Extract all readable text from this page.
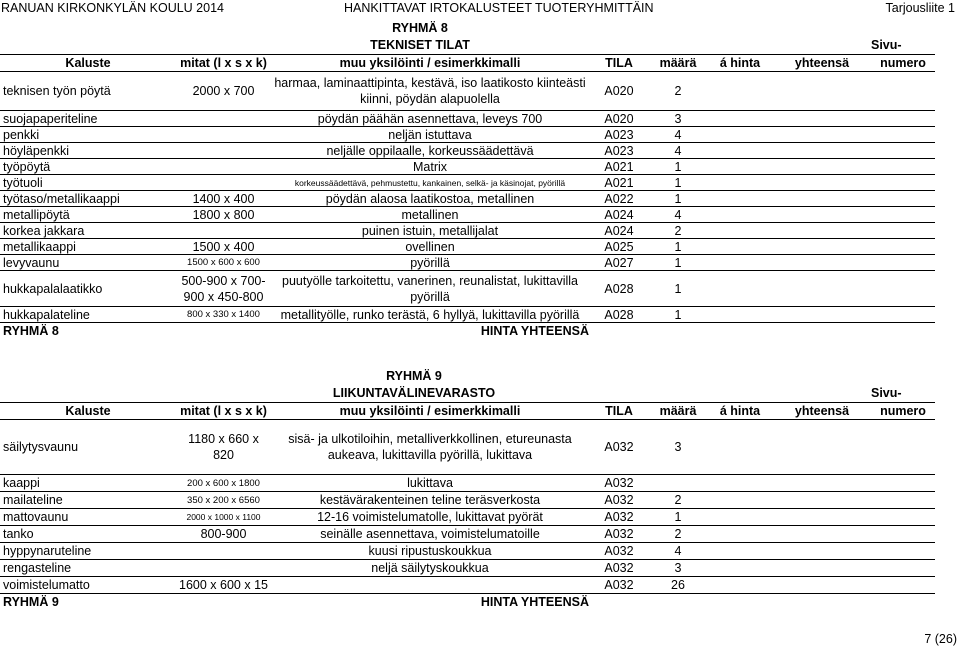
RANUAN KIRKONKYLÄN KOULU 2014	HANKITTAVAT IRTOKALUSTEET TUOTERYHMITTÄIN	Tarjousliite 1
RYHMÄ 8
TEKNISET TILAT
Kaluste	mitat (l x s x k)	muu yksilöinti / esimerkkimalli	TILA	määrä	á hinta	yhteensä	Sivu-
numero
teknisen työn pöytä	2000 x 700	harmaa, laminaattipinta, kestävä, iso laatikosto kiinteästi kiinni, pöydän alapuolella	A020	2			
suojapaperiteline		pöydän päähän asennettava, leveys 700	A020	3			
penkki		neljän istuttava	A023	4			
höyläpenkki		neljälle oppilaalle, korkeussäädettävä	A023	4			
työpöytä		Matrix	A021	1			
työtuoli		korkeussäädettävä, pehmustettu, kankainen, selkä- ja käsinojat, pyörillä	A021	1			
työtaso/metallikaappi	1400 x 400	pöydän alaosa laatikostoa, metallinen	A022	1			
metallipöytä	1800 x 800	metallinen	A024	4			
korkea jakkara		puinen istuin, metallijalat	A024	2			
metallikaappi	1500 x 400	ovellinen	A025	1			
levyvaunu	1500 x 600 x 600	pyörillä	A027	1			
hukkapalalaatikko	500-900 x 700- 900 x 450-800	puutyölle tarkoitettu, vanerinen, reunalistat, lukittavilla pyörillä	A028	1			
hukkapalateline	800 x 330 x 1400	metallityölle, runko terästä, 6 hyllyä, lukittavilla pyörillä	A028	1			
RYHMÄ 8		HINTA YHTEENSÄ					
RYHMÄ 9
LIIKUNTAVÄLINEVARASTO
Kaluste	mitat (l x s x k)	muu yksilöinti / esimerkkimalli	TILA	määrä	á hinta	yhteensä	Sivu-
numero
säilytysvaunu	1180 x 660 x 820	sisä- ja ulkotiloihin, metalliverkkollinen, etureunasta aukeava, lukittavilla pyörillä, lukittava	A032	3			
kaappi	200 x 600 x 1800	lukittava	A032				
mailateline	350 x 200 x 6560	kestävärakenteinen teline teräsverkosta	A032	2			
mattovaunu	2000 x 1000 x 1100	12-16 voimistelumatolle, lukittavat pyörät	A032	1			
tanko	800-900	seinälle asennettava, voimistelumatoille	A032	2			
hyppynaruteline		kuusi ripustuskoukkua	A032	4			
rengasteline		neljä säilytyskoukkua	A032	3			
voimistelumatto	1600 x 600 x 15		A032	26			
RYHMÄ 9		HINTA YHTEENSÄ					
7 (26)
